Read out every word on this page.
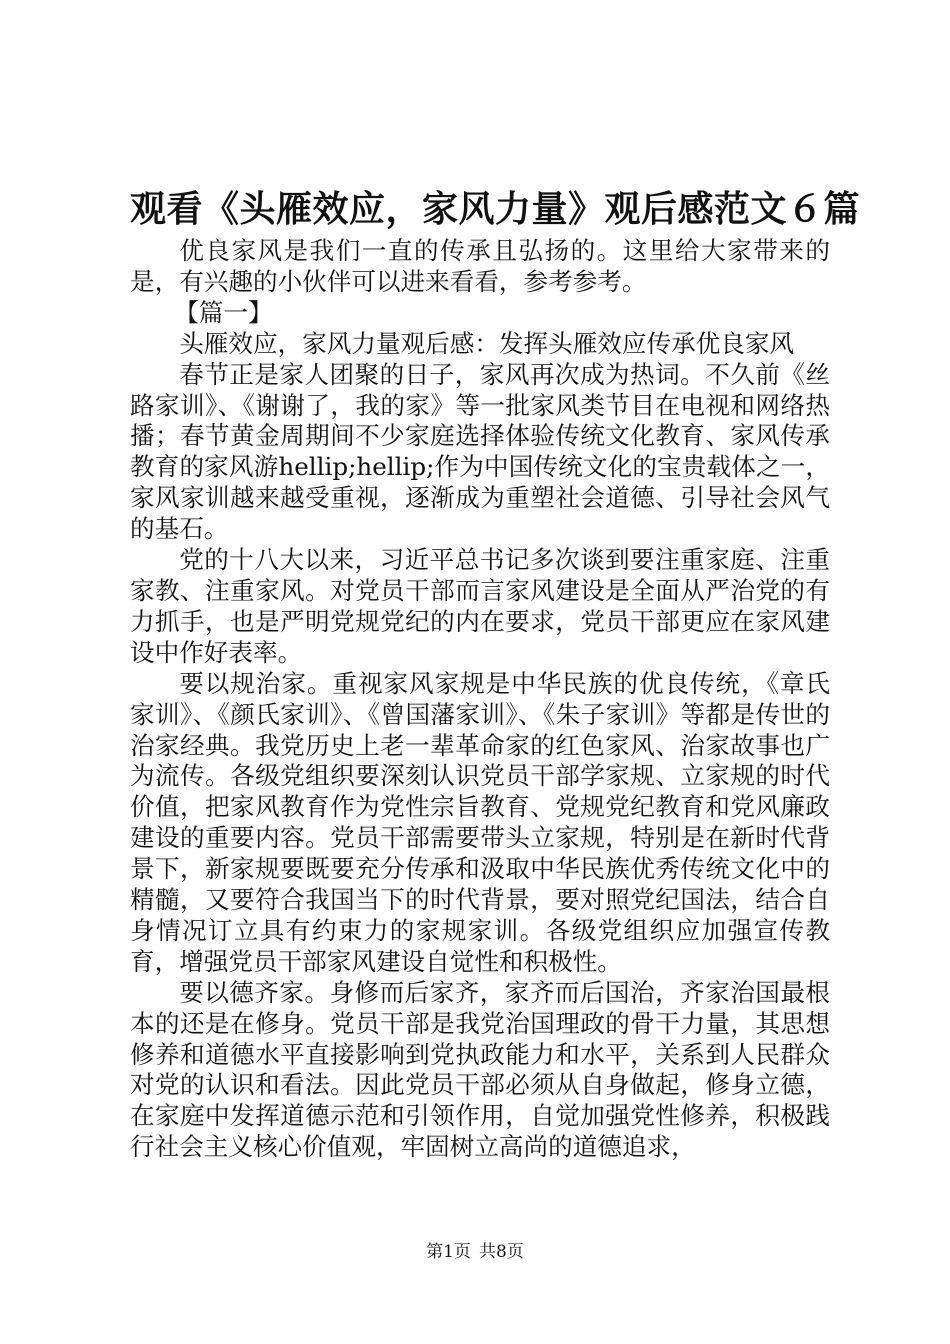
观看《头雁效应，家风力量》观后感范文６篇

优良家风是我们一直的传承且弘扬的。这里给大家带来的是，有兴趣的小伙伴可以进来看看，参考参考。

【篇一】

头雁效应，家风力量观后感：发挥头雁效应传承优良家风

春节正是家人团聚的日子，家风再次成为热词。不久前《丝路家训》、《谢谢了，我的家》等一批家风类节目在电视和网络热播；春节黄金周期间不少家庭选择体验传统文化教育、家风传承教育的家风游hellip;hellip;作为中国传统文化的宝贵载体之一，家风家训越来越受重视，逐渐成为重塑社会道德、引导社会风气的基石。

党的十八大以来，习近平总书记多次谈到要注重家庭、注重家教、注重家风。对党员干部而言家风建设是全面从严治党的有力抓手，也是严明党规党纪的内在要求，党员干部更应在家风建设中作好表率。

要以规治家。重视家风家规是中华民族的优良传统，《章氏家训》、《颜氏家训》、《曾国藩家训》、《朱子家训》等都是传世的治家经典。我党历史上老一辈革命家的红色家风、治家故事也广为流传。各级党组织要深刻认识党员干部学家规、立家规的时代价值，把家风教育作为党性宗旨教育、党规党纪教育和党风廉政建设的重要内容。党员干部需要带头立家规，特别是在新时代背景下，新家规要既要充分传承和汲取中华民族优秀传统文化中的精髓，又要符合我国当下的时代背景，要对照党纪国法，结合自身情况订立具有约束力的家规家训。各级党组织应加强宣传教育，增强党员干部家风建设自觉性和积极性。

要以德齐家。身修而后家齐，家齐而后国治，齐家治国最根本的还是在修身。党员干部是我党治国理政的骨干力量，其思想修养和道德水平直接影响到党执政能力和水平，关系到人民群众对党的认识和看法。因此党员干部必须从自身做起，修身立德，在家庭中发挥道德示范和引领作用，自觉加强党性修养，积极践行社会主义核心价值观，牢固树立高尚的道德追求，

第1页 共8页
